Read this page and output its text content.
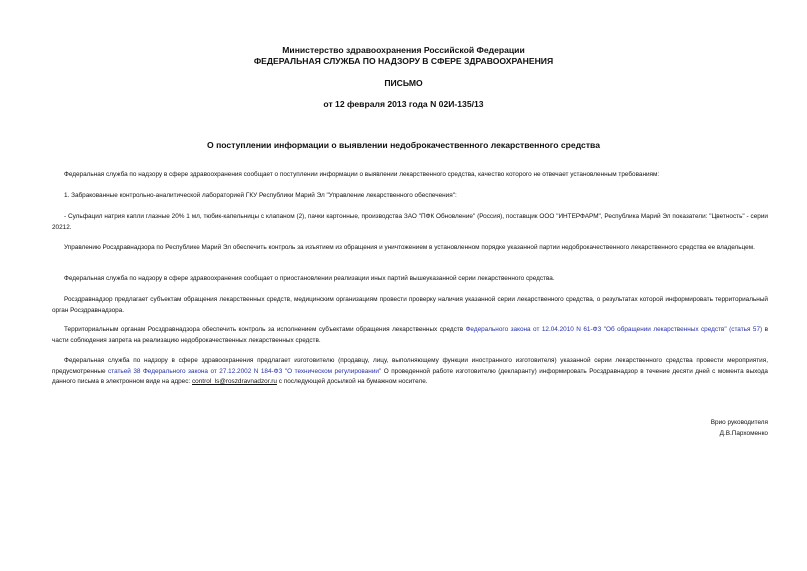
Министерство здравоохранения Российской Федерации
ФЕДЕРАЛЬНАЯ СЛУЖБА ПО НАДЗОРУ В СФЕРЕ ЗДРАВООХРАНЕНИЯ
ПИСЬМО
от 12 февраля 2013 года N 02И-135/13
О поступлении информации о выявлении недоброкачественного лекарственного средства
Федеральная служба по надзору в сфере здравоохранения сообщает о поступлении информации о выявлении лекарственного средства, качество которого не отвечает установленным требованиям:
1. Забракованные контрольно-аналитической лабораторией ГКУ Республики Марий Эл "Управление лекарственного обеспечения":
- Сульфацил натрия капли глазные 20% 1 мл, тюбик-капельницы с клапаном (2), пачки картонные, производства ЗАО "ПФК Обновление" (Россия), поставщик ООО "ИНТЕРФАРМ", Республика Марий Эл показатели: "Цветность" - серии 20212.
Управлению Росздравнадзора по Республике Марий Эл обеспечить контроль за изъятием из обращения и уничтожением в установленном порядке указанной партии недоброкачественного лекарственного средства ее владельцем.
Федеральная служба по надзору в сфере здравоохранения сообщает о приостановлении реализации иных партий вышеуказанной серии лекарственного средства.
Росздравнадзор предлагает субъектам обращения лекарственных средств, медицинским организациям провести проверку наличия указанной серии лекарственного средства, о результатах которой информировать территориальный орган Росздравнадзора.
Территориальным органам Росздравнадзора обеспечить контроль за исполнением субъектами обращения лекарственных средств Федерального закона от 12.04.2010 N 61-ФЗ "Об обращении лекарственных средств" (статья 57) в части соблюдения запрета на реализацию недоброкачественных лекарственных средств.
Федеральная служба по надзору в сфере здравоохранения предлагает изготовителю (продавцу, лицу, выполняющему функции иностранного изготовителя) указанной серии лекарственного средства провести мероприятия, предусмотренные статьей 38 Федерального закона от 27.12.2002 N 184-ФЗ "О техническом регулировании" О проведенной работе изготовителю (декларанту) информировать Росздравнадзор в течение десяти дней с момента выхода данного письма в электронном виде на адрес: control_ls@roszdravnadzor.ru с последующей досылкой на бумажном носителе.
Врио руководителя
Д.В.Пархоменко
